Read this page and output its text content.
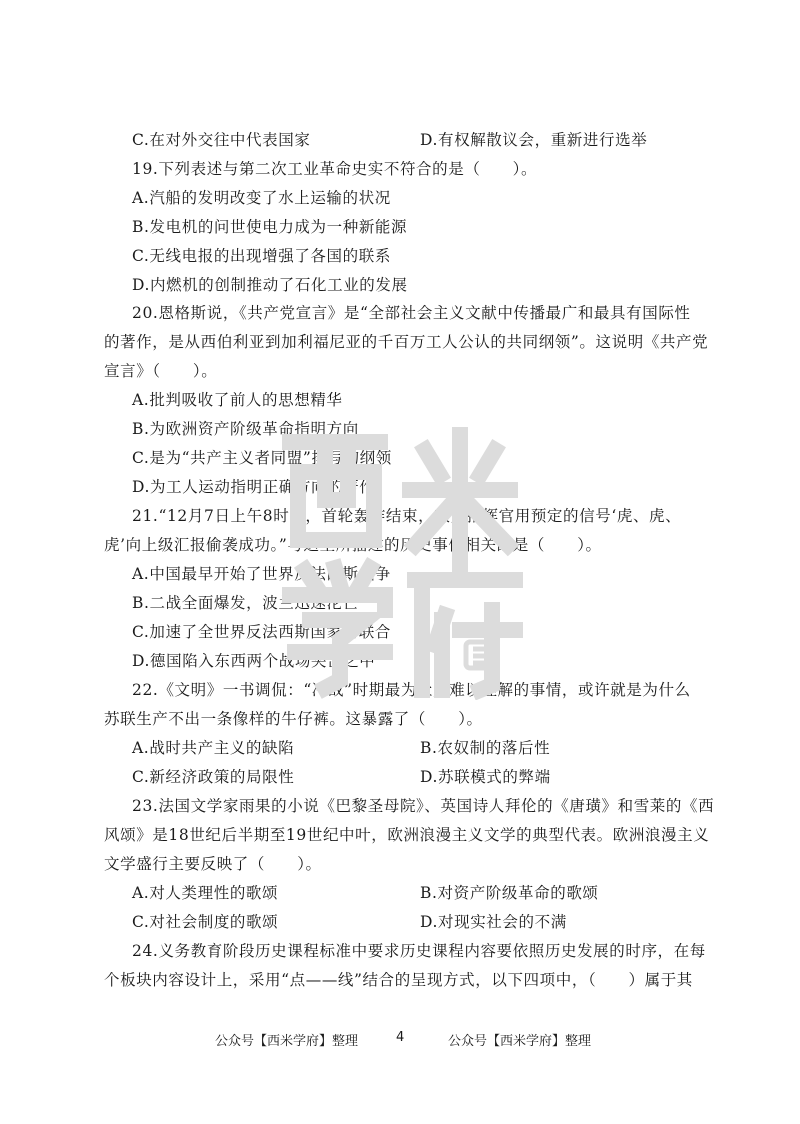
C.在对外交往中代表国家	D.有权解散议会，重新进行选举
19.下列表述与第二次工业革命史实不符合的是（　　）。
A.汽船的发明改变了水上运输的状况
B.发电机的问世使电力成为一种新能源
C.无线电报的出现增强了各国的联系
D.内燃机的创制推动了石化工业的发展
20.恩格斯说，《共产党宣言》是“全部社会主义文献中传播最广和最具有国际性
的著作，是从西伯利亚到加利福尼亚的千百万工人公认的共同纲领”。这说明《共产党
宣言》（　　）。
A.批判吸收了前人的思想精华
B.为欧洲资产阶级革命指明方向
C.是为“共产主义者同盟”撰写的纲领
D.为工人运动指明正确方向的著作
21.“12月7日上午8时许，首轮轰炸结束，敌方指挥官用预定的信号‘虎、虎、
虎’向上级汇报偷袭成功。”与这里所描述的历史事件相关的是（　　）。
A.中国最早开始了世界反法西斯战争
B.二战全面爆发，波兰迅速沦亡
C.加速了全世界反法西斯国家的联合
D.德国陷入东西两个战场夹击之中
22.《文明》一书调侃：“冷战”时期最为让人难以理解的事情，或许就是为什么
苏联生产不出一条像样的牛仔裤。这暴露了（　　）。
A.战时共产主义的缺陷	B.农奴制的落后性
C.新经济政策的局限性	D.苏联模式的弊端
23.法国文学家雨果的小说《巴黎圣母院》、英国诗人拜伦的《唐璜》和雪莱的《西
风颂》是18世纪后半期至19世纪中叶，欧洲浪漫主义文学的典型代表。欧洲浪漫主义
文学盛行主要反映了（　　）。
A.对人类理性的歌颂	B.对资产阶级革命的歌颂
C.对社会制度的歌颂	D.对现实社会的不满
24.义务教育阶段历史课程标准中要求历史课程内容要依照历史发展的时序，在每
个板块内容设计上，采用“点——线”结合的呈现方式，以下四项中，（　　）属于其
公众号【西米学府】整理	4	公众号【西米学府】整理
